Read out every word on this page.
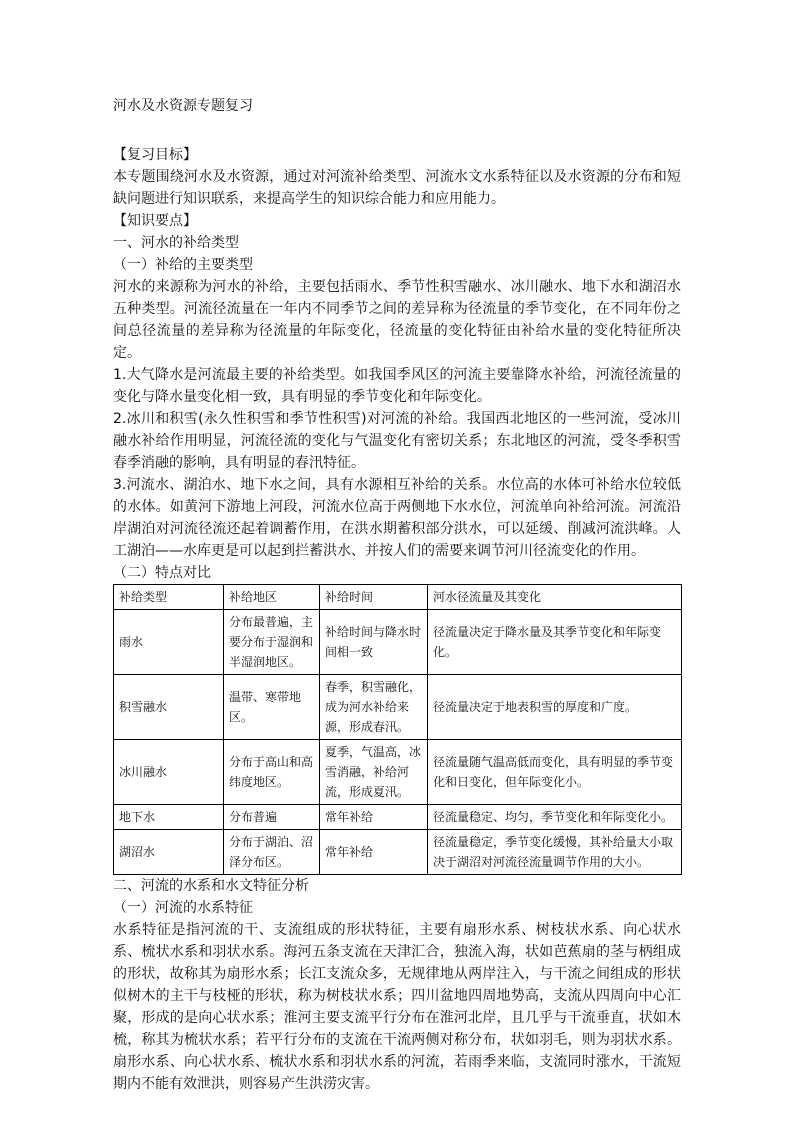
河水及水资源专题复习
【复习目标】

本专题围绕河水及水资源，通过对河流补给类型、河流水文水系特征以及水资源的分布和短缺问题进行知识联系，来提高学生的知识综合能力和应用能力。

【知识要点】
一、河水的补给类型
（一）补给的主要类型

河水的来源称为河水的补给，主要包括雨水、季节性积雪融水、冰川融水、地下水和湖沼水五种类型。河流径流量在一年内不同季节之间的差异称为径流量的季节变化，在不同年份之间总径流量的差异称为径流量的年际变化，径流量的变化特征由补给水量的变化特征所决定。

1.大气降水是河流最主要的补给类型。如我国季风区的河流主要靠降水补给，河流径流量的变化与降水量变化相一致，具有明显的季节变化和年际变化。

2.冰川和积雪(永久性积雪和季节性积雪)对河流的补给。我国西北地区的一些河流，受冰川融水补给作用明显，河流径流的变化与气温变化有密切关系；东北地区的河流，受冬季积雪春季消融的影响，具有明显的春汛特征。

3.河流水、湖泊水、地下水之间，具有水源相互补给的关系。水位高的水体可补给水位较低的水体。如黄河下游地上河段，河流水位高于两侧地下水水位，河流单向补给河流。河流沿岸湖泊对河流径流还起着调蓄作用，在洪水期蓄积部分洪水，可以延缓、削减河流洪峰。人工湖泊——水库更是可以起到拦蓄洪水、并按人们的需要来调节河川径流变化的作用。

（二）特点对比
补给类型	补给地区	补给时间	河水径流量及其变化
雨水	分布最普遍，主要分布于湿润和半湿润地区。	补给时间与降水时间相一致	径流量决定于降水量及其季节变化和年际变化。
积雪融水	温带、寒带地区。	春季，积雪融化，成为河水补给来源，形成春汛。	径流量决定于地表积雪的厚度和广度。
冰川融水	分布于高山和高纬度地区。	夏季，气温高，冰雪消融，补给河流，形成夏汛。	径流量随气温高低而变化，具有明显的季节变化和日变化，但年际变化小。
地下水	分布普遍	常年补给	径流量稳定、均匀，季节变化和年际变化小。
湖沼水	分布于湖泊、沼泽分布区。	常年补给	径流量稳定，季节变化缓慢，其补给量大小取决于湖沼对河流径流量调节作用的大小。
二、河流的水系和水文特征分析
（一）河流的水系特征

水系特征是指河流的干、支流组成的形状特征，主要有扇形水系、树枝状水系、向心状水系、梳状水系和羽状水系。海河五条支流在天津汇合，独流入海，状如芭蕉扇的茎与柄组成的形状，故称其为扇形水系；长江支流众多，无规律地从两岸注入，与干流之间组成的形状似树木的主干与枝桠的形状，称为树枝状水系；四川盆地四周地势高，支流从四周向中心汇聚，形成的是向心状水系；淮河主要支流平行分布在淮河北岸，且几乎与干流垂直，状如木梳，称其为梳状水系；若平行分布的支流在干流两侧对称分布，状如羽毛，则为羽状水系。扇形水系、向心状水系、梳状水系和羽状水系的河流，若雨季来临，支流同时涨水，干流短期内不能有效泄洪，则容易产生洪涝灾害。
